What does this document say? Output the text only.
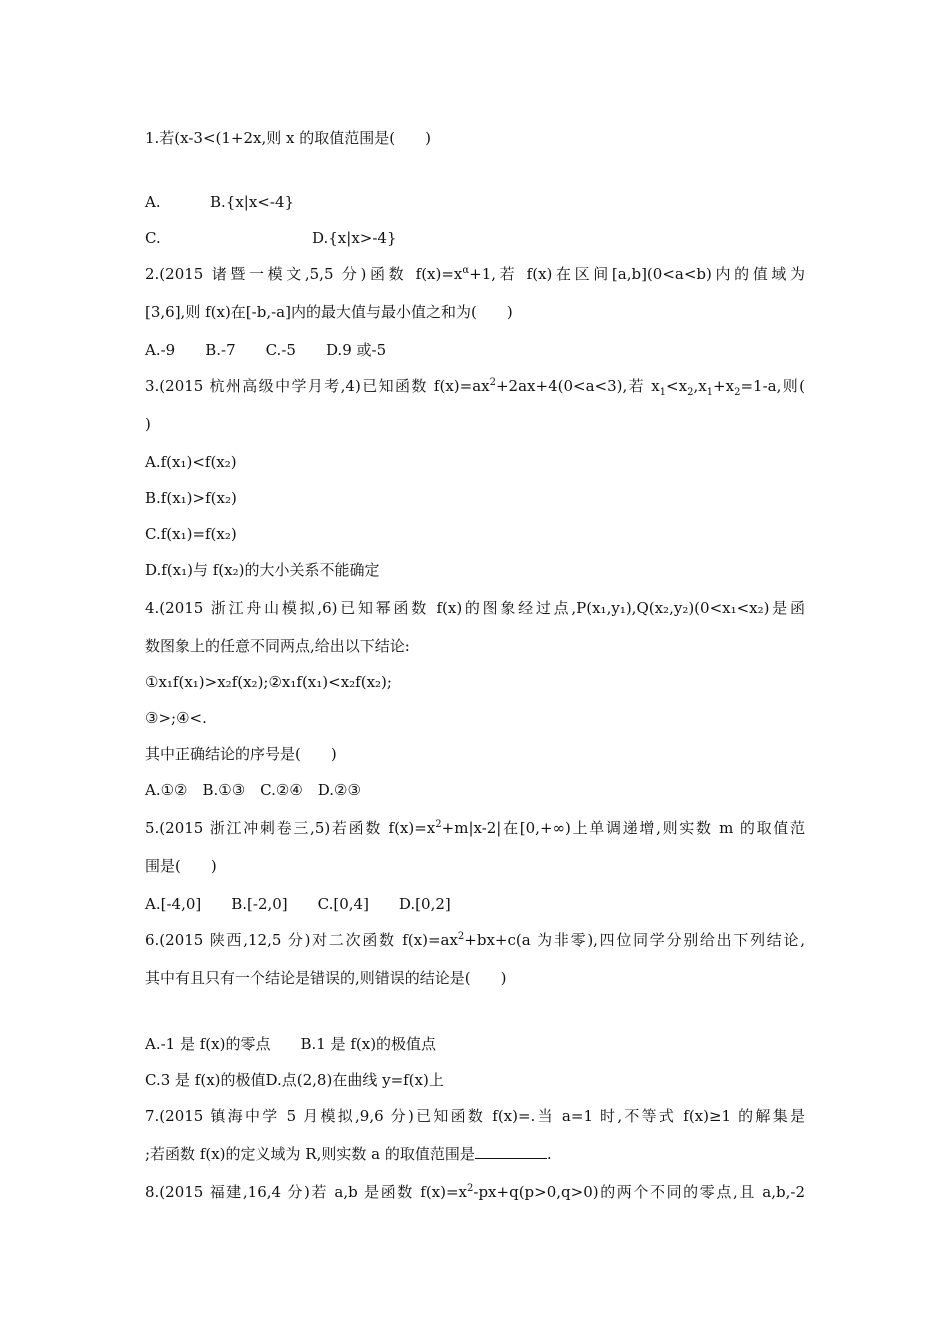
1.若(x-3<(1+2x,则 x 的取值范围是(　　)
A.	B.{x|x<-4}
C.	D.{x|x>-4}
2.(2015 诸暨一模文,5,5 分)函数 $f(x)=x^\alpha+1$,若 f(x)在区间[a,b](0<a<b)内的值域为
[3,6],则 f(x)在[-b,-a]内的最大值与最小值之和为(　　)
A.-9　　B.-7　　C.-5　　D.9 或-5
3.(2015 杭州高级中学月考,4)已知函数 $f(x)=ax^2+2ax+4(0<a<3)$,若 $x_1<x_2,x_1+x_2=1-a$,则(
)
A.f(x₁)<f(x₂)
B.f(x₁)>f(x₂)
C.f(x₁)=f(x₂)
D.f(x₁)与 f(x₂)的大小关系不能确定
4.(2015 浙江舟山模拟,6)已知幂函数 f(x)的图象经过点,P(x₁,y₁),Q(x₂,y₂)(0<x₁<x₂)是函
数图象上的任意不同两点,给出以下结论:
①x₁f(x₁)>x₂f(x₂);②x₁f(x₁)<x₂f(x₂);
③>;④<.
其中正确结论的序号是(　　)
A.①②　B.①③　C.②④　D.②③
5.(2015 浙江冲刺卷三,5)若函数 $f(x)=x^2+m|x-2|$在[0,+∞)上单调递增,则实数 m 的取值范
围是(　　)
A.[-4,0]　　B.[-2,0]　　C.[0,4]　　D.[0,2]
6.(2015 陕西,12,5 分)对二次函数 $f(x)=ax^2+bx+c(a$ 为非零),四位同学分别给出下列结论,
其中有且只有一个结论是错误的,则错误的结论是(　　)
A.-1 是 f(x)的零点　　B.1 是 f(x)的极值点
C.3 是 f(x)的极值D.点(2,8)在曲线 y=f(x)上
7.(2015 镇海中学 5 月模拟,9,6 分)已知函数 f(x)=.当 a=1 时,不等式 f(x)≥1 的解集是
;若函数 f(x)的定义域为 R,则实数 a 的取值范围是	.
8.(2015 福建,16,4 分)若 a,b 是函数 $f(x)=x^2-px+q(p>0,q>0)$的两个不同的零点,且 a,b,-2
